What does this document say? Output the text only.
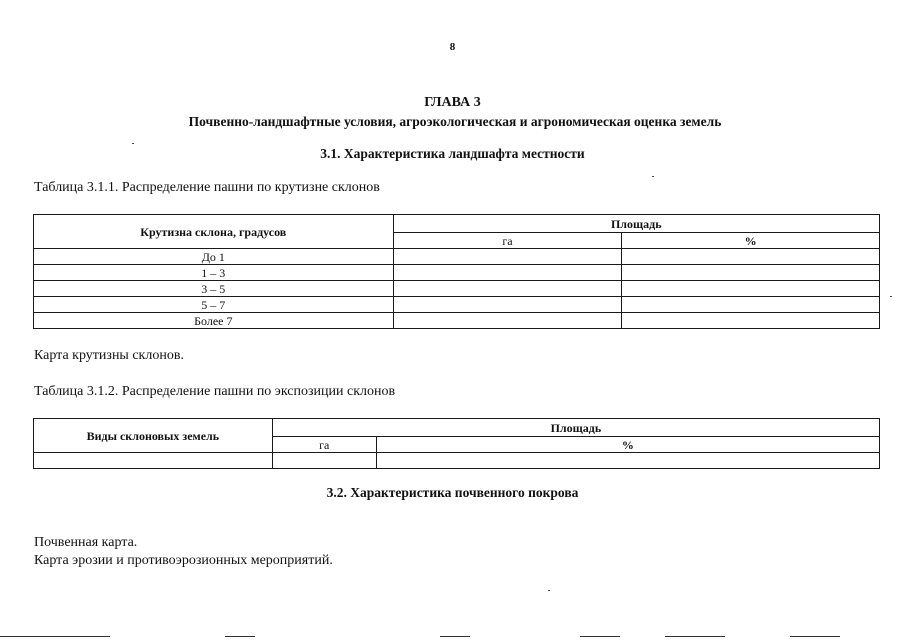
8
ГЛАВА 3
Почвенно-ландшафтные условия, агроэкологическая и агрономическая оценка земель
3.1. Характеристика ландшафта местности
Таблица 3.1.1. Распределение пашни по крутизне склонов
Крутизна склона, градусов	Площадь	
	га	%
До 1		
1 – 3		
3 – 5		
5 – 7		
Более 7		
Карта крутизны склонов.
Таблица 3.1.2. Распределение пашни по экспозиции склонов
Виды склоновых земель	Площадь	
	га	%

3.2. Характеристика почвенного покрова
Почвенная карта.
Карта эрозии и противоэрозионных мероприятий.
